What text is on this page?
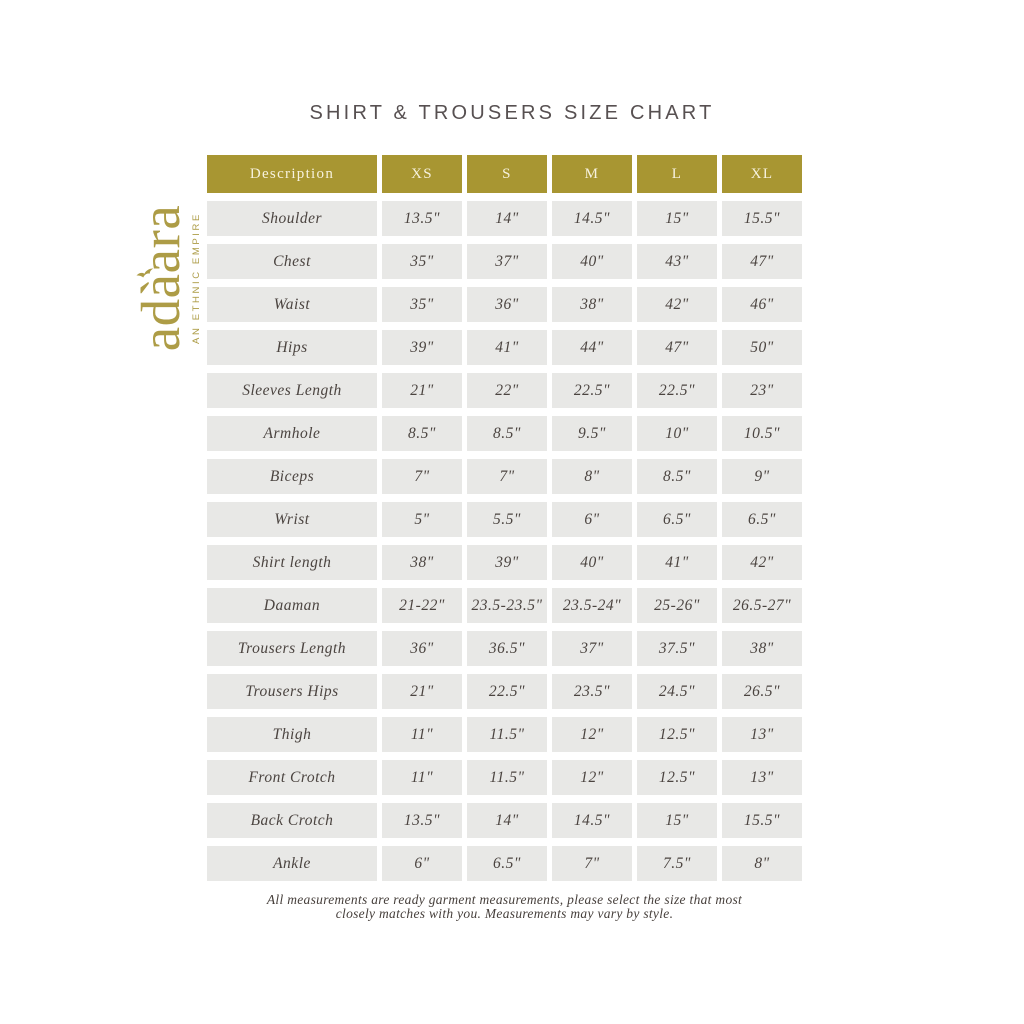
SHIRT & TROUSERS SIZE CHART
adàara AN ETHNIC EMPIRE
Description	XS	S	M	L	XL
Shoulder	13.5"	14"	14.5"	15"	15.5"
Chest	35"	37"	40"	43"	47"
Waist	35"	36"	38"	42"	46"
Hips	39"	41"	44"	47"	50"
Sleeves Length	21"	22"	22.5"	22.5"	23"
Armhole	8.5"	8.5"	9.5"	10"	10.5"
Biceps	7"	7"	8"	8.5"	9"
Wrist	5"	5.5"	6"	6.5"	6.5"
Shirt length	38"	39"	40"	41"	42"
Daaman	21-22"	23.5-23.5"	23.5-24"	25-26"	26.5-27"
Trousers Length	36"	36.5"	37"	37.5"	38"
Trousers Hips	21"	22.5"	23.5"	24.5"	26.5"
Thigh	11"	11.5"	12"	12.5"	13"
Front Crotch	11"	11.5"	12"	12.5"	13"
Back Crotch	13.5"	14"	14.5"	15"	15.5"
Ankle	6"	6.5"	7"	7.5"	8"

All measurements are ready garment measurements, please select the size that most
closely matches with you. Measurements may vary by style.
